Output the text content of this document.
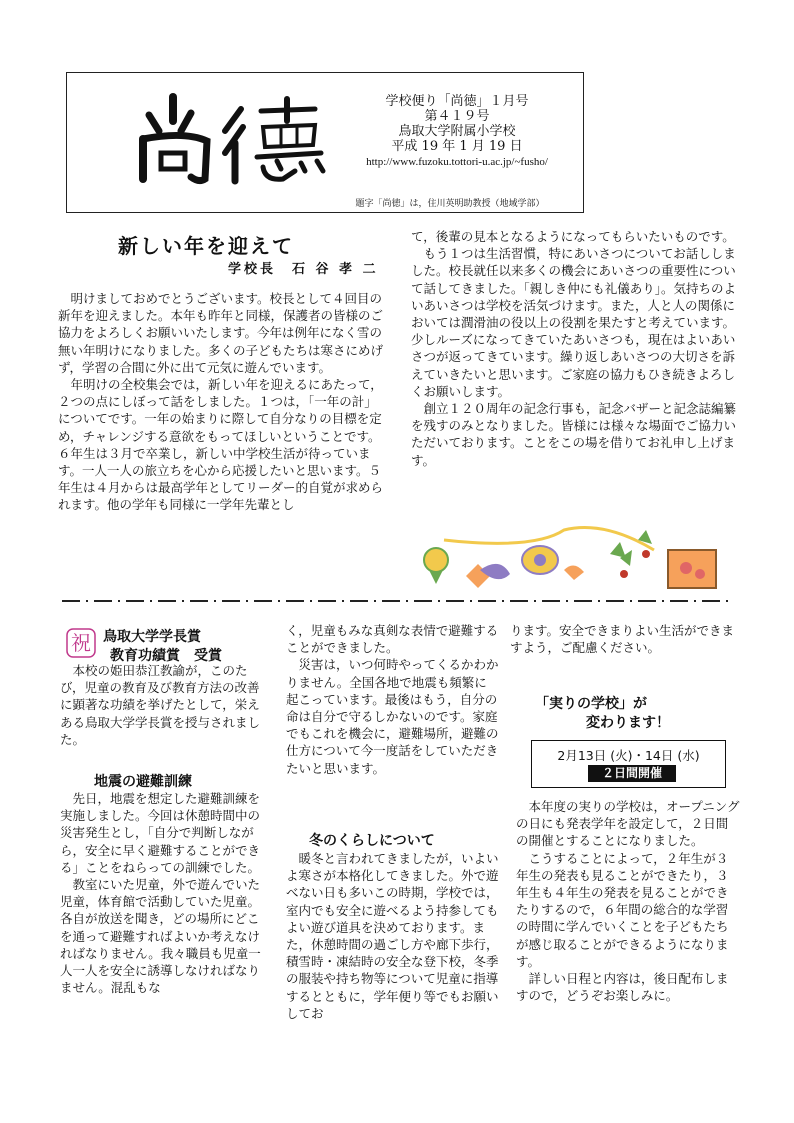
学校便り「尚徳」１月号
第４１９号
鳥取大学附属小学校
平成 19 年 1 月 19 日
http://www.fuzoku.tottori-u.ac.jp/~fusho/
題字「尚徳」は，住川英明助教授（地域学部）
新しい年を迎えて
学校長　石 谷 孝 二

明けましておめでとうございます。校長として４回目の新年を迎えました。本年も昨年と同様，保護者の皆様のご協力をよろしくお願いいたします。今年は例年になく雪の無い年明けになりました。多くの子どもたちは寒さにめげず，学習の合間に外に出て元気に遊んでいます。

年明けの全校集会では，新しい年を迎えるにあたって，２つの点にしぼって話をしました。１つは，「一年の計」についてです。一年の始まりに際して自分なりの目標を定め，チャレンジする意欲をもってほしいということです。６年生は３月で卒業し，新しい中学校生活が待っています。一人一人の旅立ちを心から応援したいと思います。５年生は４月からは最高学年としてリーダー的自覚が求められます。他の学年も同様に一学年先輩とし

て，後輩の見本となるようになってもらいたいものです。

もう１つは生活習慣，特にあいさつについてお話ししました。校長就任以来多くの機会にあいさつの重要性について話してきました。「親しき仲にも礼儀あり」。気持ちのよいあいさつは学校を活気づけます。また，人と人の関係においては潤滑油の役以上の役割を果たすと考えています。少しルーズになってきていたあいさつも，現在はよいあいさつが返ってきています。繰り返しあいさつの大切さを訴えていきたいと思います。ご家庭の協力もひき続きよろしくお願いします。

創立１２０周年の記念行事も，記念バザーと記念誌編纂を残すのみとなりました。皆様には様々な場面でご協力いただいております。ことをこの場を借りてお礼申し上げます。

祝 鳥取大学学長賞
教育功績賞　受賞

本校の姫田恭江教諭が，このたび，児童の教育及び教育方法の改善に顕著な功績を挙げたとして，栄えある鳥取大学学長賞を授与されました。

地震の避難訓練

先日，地震を想定した避難訓練を実施しました。今回は休憩時間中の災害発生とし，「自分で判断しながら，安全に早く避難することができる」ことをねらっての訓練でした。

教室にいた児童，外で遊んでいた児童，体育館で活動していた児童。各自が放送を聞き，どの場所にどこを通って避難すればよいか考えなければなりません。我々職員も児童一人一人を安全に誘導しなければなりません。混乱もな

く，児童もみな真剣な表情で避難することができました。

災害は，いつ何時やってくるかわかりません。全国各地で地震も頻繁に起こっています。最後はもう，自分の命は自分で守るしかないのです。家庭でもこれを機会に，避難場所，避難の仕方について今一度話をしていただきたいと思います。

冬のくらしについて

暖冬と言われてきましたが，いよいよ寒さが本格化してきました。外で遊べない日も多いこの時期，学校では，室内でも安全に遊べるよう持参してもよい遊び道具を決めております。また，休憩時間の過ごし方や廊下歩行，積雪時・凍結時の安全な登下校，冬季の服装や持ち物等について児童に指導するとともに，学年便り等でもお願いしてお

ります。安全できまりよい生活ができますよう，ご配慮ください。

「実りの学校」が
変わります！
2月13日 (火)・14日 (水)
２日間開催

本年度の実りの学校は，オープニングの日にも発表学年を設定して，２日間の開催とすることになりました。

こうすることによって，２年生が３年生の発表も見ることができたり，３年生も４年生の発表を見ることができたりするので，６年間の総合的な学習の時間に学んでいくことを子どもたちが感じ取ることができるようになります。

詳しい日程と内容は，後日配布しますので，どうぞお楽しみに。
